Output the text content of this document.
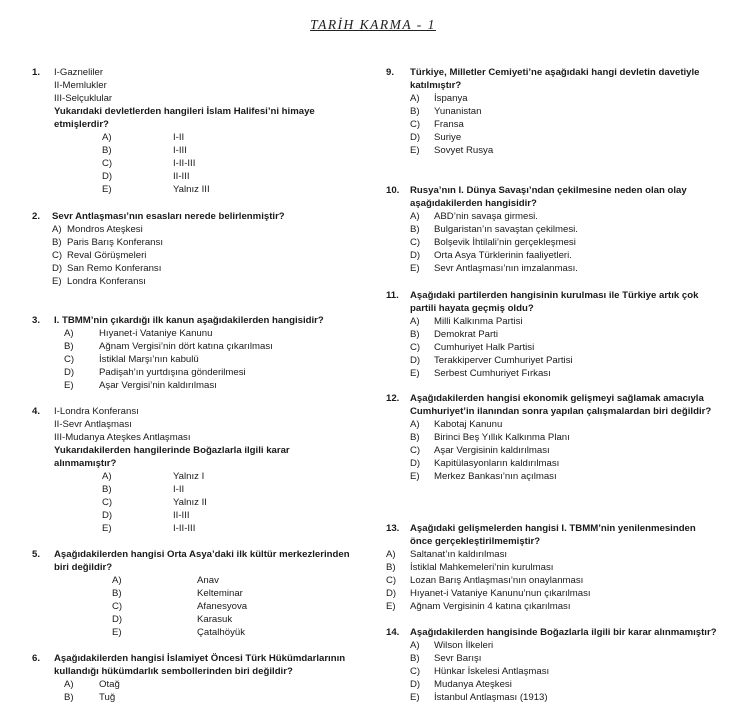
TARİH KARMA - 1
1. I-Gazneliler
II-Memlukler
III-Selçuklular
Yukarıdaki devletlerden hangileri İslam Halifesi’ni himaye etmişlerdir?
A)	I-II
B)	I-III
C)	I-II-III
D)	II-III
E)	Yalnız III
2. Sevr Antlaşması’nın esasları nerede belirlenmiştir?
A) Mondros Ateşkesi
B) Paris Barış Konferansı
C) Reval Görüşmeleri
D) San Remo Konferansı
E) Londra Konferansı
3. I. TBMM’nin çıkardığı ilk kanun aşağıdakilerden hangisidir?
A)	Hıyanet-i Vataniye Kanunu
B)	Ağnam Vergisi’nin dört katına çıkarılması
C)	İstiklal Marşı’nın kabulü
D)	Padişah’ın yurtdışına gönderilmesi
E)	Aşar Vergisi’nin kaldırılması
4. I-Londra Konferansı
II-Sevr Antlaşması
III-Mudanya Ateşkes Antlaşması
Yukarıdakilerden hangilerinde Boğazlarla ilgili karar alınmamıştır?
A)	Yalnız I
B)	I-II
C)	Yalnız II
D)	II-III
E)	I-II-III
5. Aşağıdakilerden hangisi Orta Asya’daki ilk kültür merkezlerinden biri değildir?
A)	Anav
B)	Kelteminar
C)	Afanesyova
D)	Karasuk
E)	Çatalhöyük
6. Aşağıdakilerden hangisi İslamiyet Öncesi Türk Hükümdarlarının kullandığı hükümdarlık sembollerinden biri değildir?
A)	Otağ
B)	Tuğ
9. Türkiye, Milletler Cemiyeti’ne aşağıdaki hangi devletin davetiyle katılmıştır?
A) İspanya
B) Yunanistan
C) Fransa
D) Suriye
E) Sovyet Rusya
10. Rusya’nın I. Dünya Savaşı’ndan çekilmesine neden olan olay aşağıdakilerden hangisidir?
A) ABD’nin savaşa girmesi.
B) Bulgaristan’ın savaştan çekilmesi.
C) Bolşevik İhtilali’nin gerçekleşmesi
D) Orta Asya Türklerinin faaliyetleri.
E) Sevr Antlaşması’nın imzalanması.
11. Aşağıdaki partilerden hangisinin kurulması ile Türkiye artık çok partili hayata geçmiş oldu?
A) Milli Kalkınma Partisi
B) Demokrat Parti
C) Cumhuriyet Halk Partisi
D) Terakkiperver Cumhuriyet Partisi
E) Serbest Cumhuriyet Fırkası
12. Aşağıdakilerden hangisi ekonomik gelişmeyi sağlamak amacıyla Cumhuriyet’in ilanından sonra yapılan çalışmalardan biri değildir?
A) Kabotaj Kanunu
B) Birinci Beş Yıllık Kalkınma Planı
C) Aşar Vergisinin kaldırılması
D) Kapitülasyonların kaldırılması
E) Merkez Bankası’nın açılması
13. Aşağıdaki gelişmelerden hangisi I. TBMM’nin yenilenmesinden önce gerçekleştirilmemiştir?
A) Saltanat’ın kaldırılması
B) İstiklal Mahkemeleri’nin kurulması
C) Lozan Barış Antlaşması’nın onaylanması
D) Hıyanet-i Vataniye Kanunu’nun çıkarılması
E) Ağnam Vergisinin 4 katına çıkarılması
14. Aşağıdakilerden hangisinde Boğazlarla ilgili bir karar alınmamıştır?
A) Wilson İlkeleri
B) Sevr Barışı
C) Hünkar İskelesi Antlaşması
D) Mudanya Ateşkesi
E) İstanbul Antlaşması (1913)
